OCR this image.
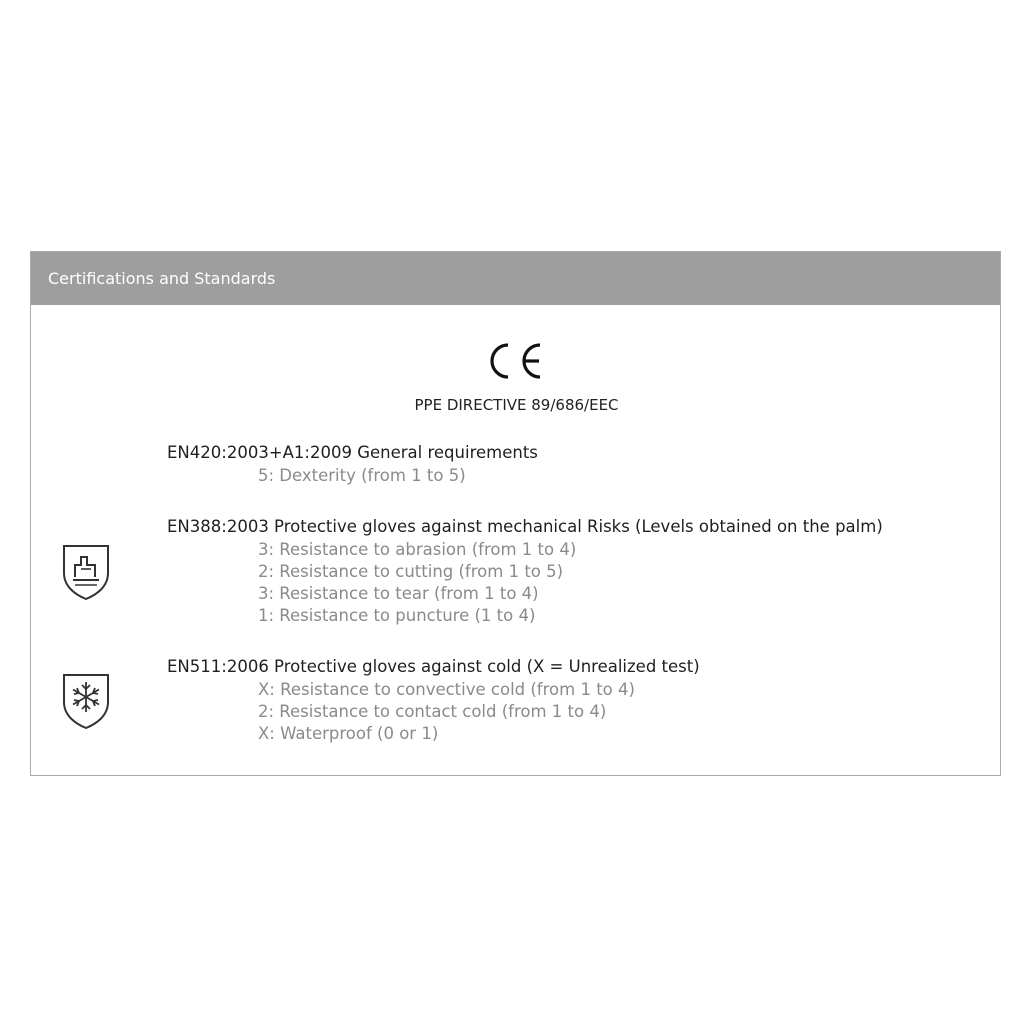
Certifications and Standards
PPE DIRECTIVE 89/686/EEC
EN420:2003+A1:2009 General requirements
5: Dexterity (from 1 to 5)
EN388:2003 Protective gloves against mechanical Risks (Levels obtained on the palm)
3: Resistance to abrasion (from 1 to 4)
2: Resistance to cutting (from 1 to 5)
3: Resistance to tear (from 1 to 4)
1: Resistance to puncture (1 to 4)
EN511:2006 Protective gloves against cold (X = Unrealized test)
X: Resistance to convective cold (from 1 to 4)
2: Resistance to contact cold (from 1 to 4)
X: Waterproof (0 or 1)
